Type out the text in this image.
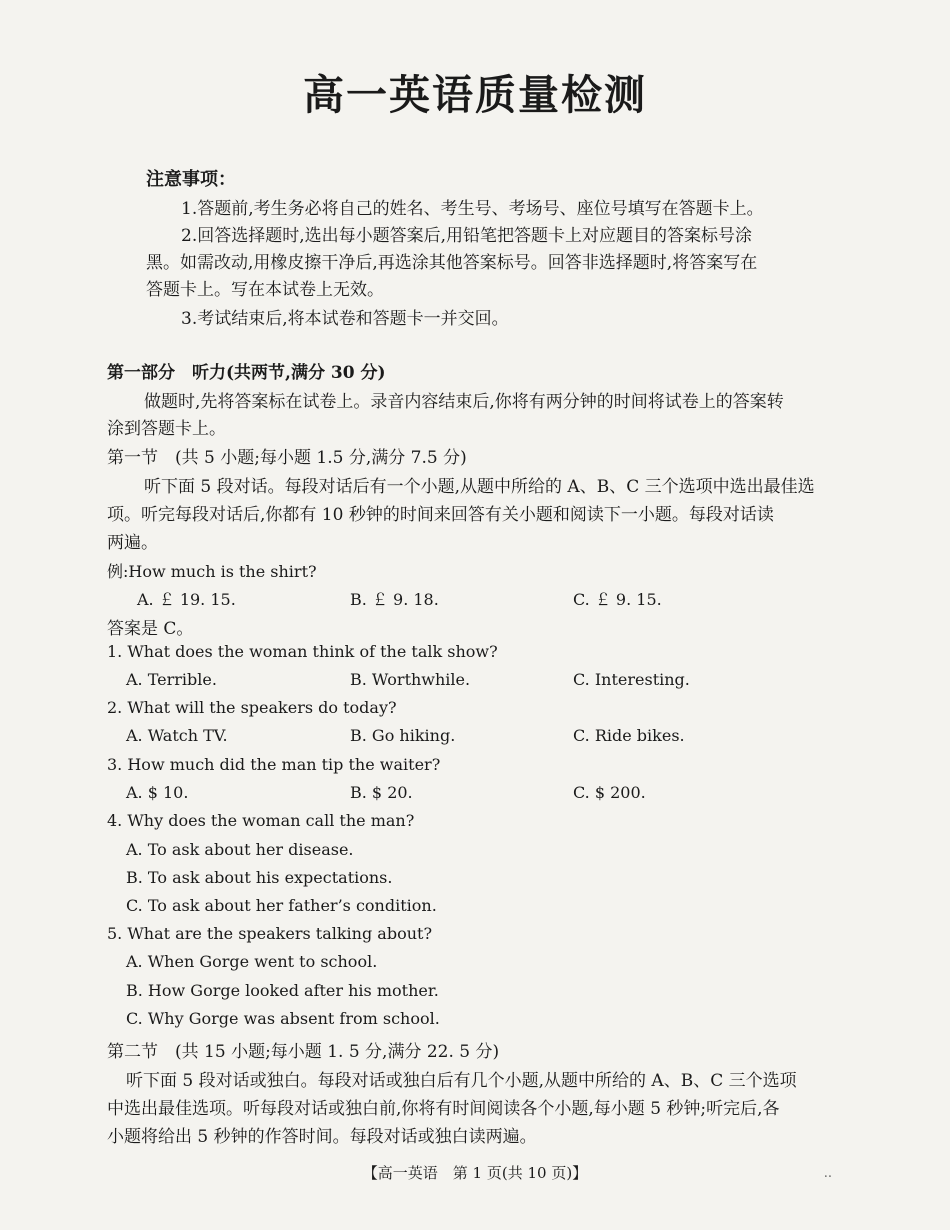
高一英语质量检测
注意事项：
1.答题前,考生务必将自己的姓名、考生号、考场号、座位号填写在答题卡上。
2.回答选择题时,选出每小题答案后,用铅笔把答题卡上对应题目的答案标号涂
黑。如需改动,用橡皮擦干净后,再选涂其他答案标号。回答非选择题时,将答案写在
答题卡上。写在本试卷上无效。
3.考试结束后,将本试卷和答题卡一并交回。
第一部分　听力(共两节,满分 30 分)
做题时,先将答案标在试卷上。录音内容结束后,你将有两分钟的时间将试卷上的答案转
涂到答题卡上。
第一节　(共 5 小题;每小题 1.5 分,满分 7.5 分)
听下面 5 段对话。每段对话后有一个小题,从题中所给的 A、B、C 三个选项中选出最佳选
项。听完每段对话后,你都有 10 秒钟的时间来回答有关小题和阅读下一小题。每段对话读
两遍。
例:How much is the shirt?
A. ￡ 19. 15.	B. ￡ 9. 18.	C. ￡ 9. 15.
答案是 C。
1. What does the woman think of the talk show?
A. Terrible.	B. Worthwhile.	C. Interesting.
2. What will the speakers do today?
A. Watch TV.	B. Go hiking.	C. Ride bikes.
3. How much did the man tip the waiter?
A. $ 10.	B. $ 20.	C. $ 200.
4. Why does the woman call the man?
A. To ask about her disease.
B. To ask about his expectations.
C. To ask about her father’s condition.
5. What are the speakers talking about?
A. When Gorge went to school.
B. How Gorge looked after his mother.
C. Why Gorge was absent from school.
第二节　(共 15 小题;每小题 1. 5 分,满分 22. 5 分)
听下面 5 段对话或独白。每段对话或独白后有几个小题,从题中所给的 A、B、C 三个选项
中选出最佳选项。听每段对话或独白前,你将有时间阅读各个小题,每小题 5 秒钟;听完后,各
小题将给出 5 秒钟的作答时间。每段对话或独白读两遍。
【高一英语　第 1 页(共 10 页)】	..
